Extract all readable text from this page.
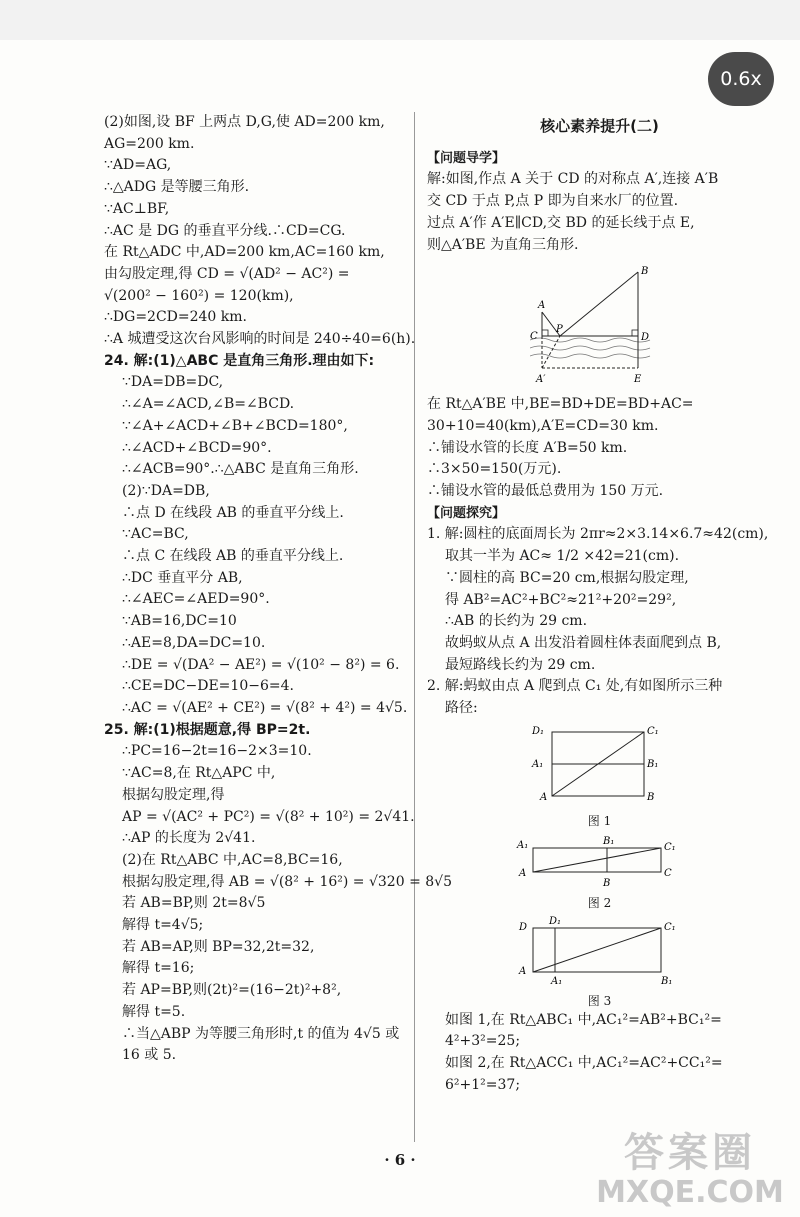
0.6x
(2)如图,设 BF 上两点 D,G,使 AD=200 km,
AG=200 km.
∵AD=AG,
∴△ADG 是等腰三角形.
∵AC⊥BF,
∴AC 是 DG 的垂直平分线.∴CD=CG.
在 Rt△ADC 中,AD=200 km,AC=160 km,
由勾股定理,得 CD = √(AD² − AC²) =
√(200² − 160²) = 120(km),
∴DG=2CD=240 km.
∴A 城遭受这次台风影响的时间是 240÷40=6(h).
24. 解:(1)△ABC 是直角三角形.理由如下:
∵DA=DB=DC,
∴∠A=∠ACD,∠B=∠BCD.
∵∠A+∠ACD+∠B+∠BCD=180°,
∴∠ACD+∠BCD=90°.
∴∠ACB=90°.∴△ABC 是直角三角形.
(2)∵DA=DB,
∴点 D 在线段 AB 的垂直平分线上.
∵AC=BC,
∴点 C 在线段 AB 的垂直平分线上.
∴DC 垂直平分 AB,
∴∠AEC=∠AED=90°.
∵AB=16,DC=10
∴AE=8,DA=DC=10.
∴DE = √(DA² − AE²) = √(10² − 8²) = 6.
∴CE=DC−DE=10−6=4.
∴AC = √(AE² + CE²) = √(8² + 4²) = 4√5.
25. 解:(1)根据题意,得 BP=2t.
∴PC=16−2t=16−2×3=10.
∵AC=8,在 Rt△APC 中,
根据勾股定理,得
AP = √(AC² + PC²) = √(8² + 10²) = 2√41.
∴AP 的长度为 2√41.
(2)在 Rt△ABC 中,AC=8,BC=16,
根据勾股定理,得 AB = √(8² + 16²) = √320 = 8√5
若 AB=BP,则 2t=8√5
解得 t=4√5;
若 AB=AP,则 BP=32,2t=32,
解得 t=16;
若 AP=BP,则(2t)²=(16−2t)²+8²,
解得 t=5.
∴当△ABP 为等腰三角形时,t 的值为 4√5 或
16 或 5.
核心素养提升(二)
【问题导学】
解:如图,作点 A 关于 CD 的对称点 A′,连接 A′B
交 CD 于点 P,点 P 即为自来水厂的位置.
过点 A′作 A′E∥CD,交 BD 的延长线于点 E,
则△A′BE 为直角三角形.
A
B
C
P
D
A′	E
在 Rt△A′BE 中,BE=BD+DE=BD+AC=
30+10=40(km),A′E=CD=30 km.
∴铺设水管的长度 A′B=50 km.
∴3×50=150(万元).
∴铺设水管的最低总费用为 150 万元.
【问题探究】
1. 解:圆柱的底面周长为 2πr≈2×3.14×6.7≈42(cm),
取其一半为 AC≈ 1/2 ×42=21(cm).
∵圆柱的高 BC=20 cm,根据勾股定理,
得 AB²=AC²+BC²≈21²+20²=29²,
∴AB 的长约为 29 cm.
故蚂蚁从点 A 出发沿着圆柱体表面爬到点 B,
最短路线长约为 29 cm.
2. 解:蚂蚁由点 A 爬到点 C₁ 处,有如图所示三种
路径:
D₁	C₁
A₁	B₁
A	B
图 1
A₁	B₁
C₁
A
B
C
图 2
D
D₁
C₁
A
A₁	B₁
图 3
如图 1,在 Rt△ABC₁ 中,AC₁²=AB²+BC₁²=
4²+3²=25;
如图 2,在 Rt△ACC₁ 中,AC₁²=AC²+CC₁²=
6²+1²=37;
· 6 ·	答案圈
MXQE.COM
